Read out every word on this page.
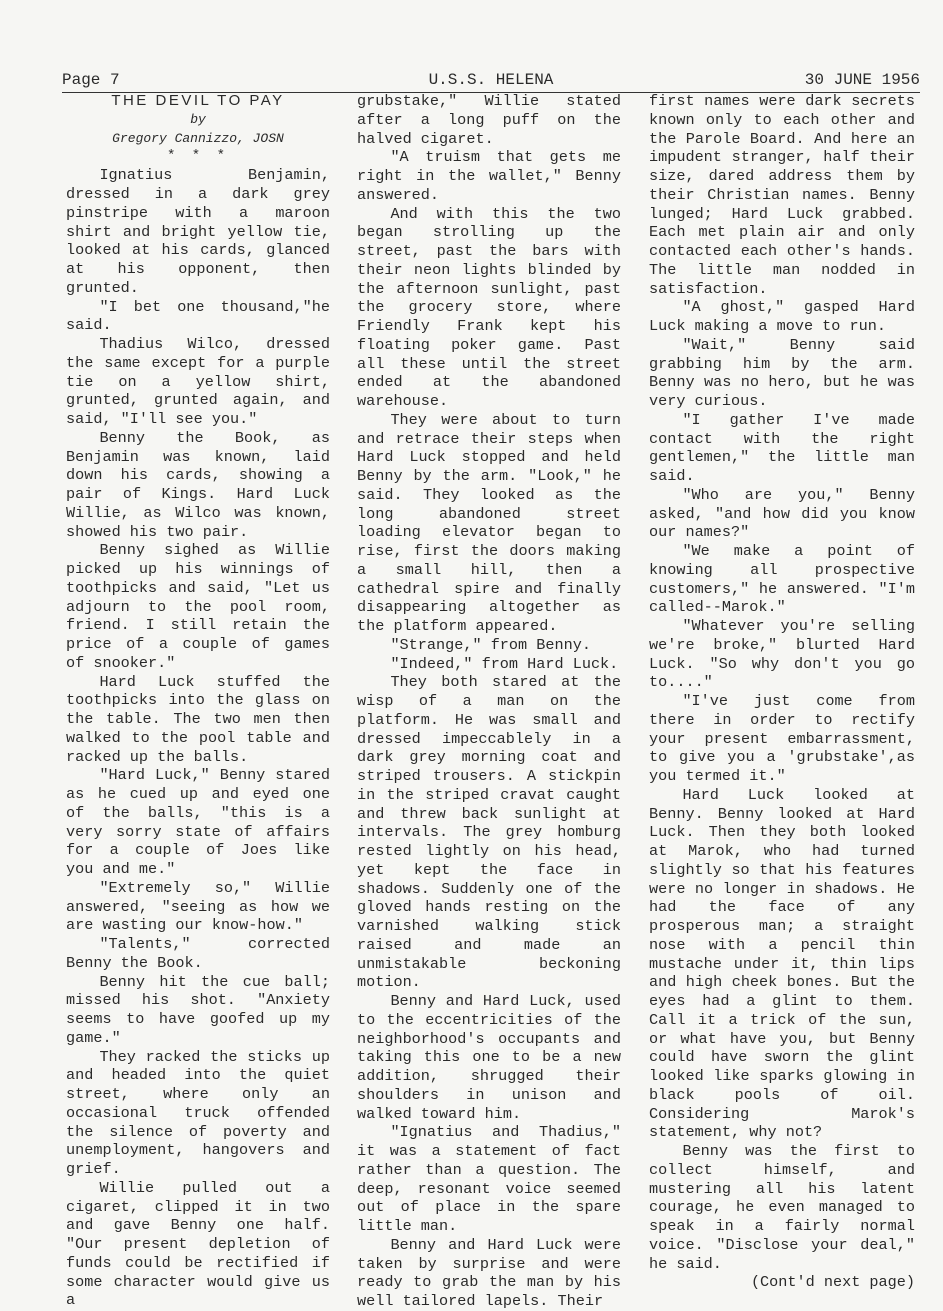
Page 7	U.S.S. HELENA	30 JUNE 1956
THE DEVIL TO PAY
by
Gregory Cannizzo, JOSN
* * *

Ignatius Benjamin, dressed in a dark grey pinstripe with a maroon shirt and bright yellow tie, looked at his cards, glanced at his opponent, then grunted.

"I bet one thousand,"he said.

Thadius Wilco, dressed the same except for a purple tie on a yellow shirt, grunted, grunted again, and said, "I'll see you."

Benny the Book, as Benjamin was known, laid down his cards, showing a pair of Kings. Hard Luck Willie, as Wilco was known, showed his two pair.

Benny sighed as Willie picked up his winnings of toothpicks and said, "Let us adjourn to the pool room, friend. I still retain the price of a couple of games of snooker."

Hard Luck stuffed the toothpicks into the glass on the table. The two men then walked to the pool table and racked up the balls.

"Hard Luck," Benny stared as he cued up and eyed one of the balls, "this is a very sorry state of affairs for a couple of Joes like you and me."

"Extremely so," Willie answered, "seeing as how we are wasting our know-how."

"Talents," corrected Benny the Book.

Benny hit the cue ball; missed his shot. "Anxiety seems to have goofed up my game."

They racked the sticks up and headed into the quiet street, where only an occasional truck offended the silence of poverty and unemployment, hangovers and grief.

Willie pulled out a cigaret, clipped it in two and gave Benny one half. "Our present depletion of funds could be rectified if some character would give us a

grubstake," Willie stated after a long puff on the halved cigaret.

"A truism that gets me right in the wallet," Benny answered.

And with this the two began strolling up the street, past the bars with their neon lights blinded by the afternoon sunlight, past the grocery store, where Friendly Frank kept his floating poker game. Past all these until the street ended at the abandoned warehouse.

They were about to turn and retrace their steps when Hard Luck stopped and held Benny by the arm. "Look," he said. They looked as the long abandoned street loading elevator began to rise, first the doors making a small hill, then a cathedral spire and finally disappearing altogether as the platform appeared.

"Strange," from Benny.

"Indeed," from Hard Luck.

They both stared at the wisp of a man on the platform. He was small and dressed impeccablely in a dark grey morning coat and striped trousers. A stickpin in the striped cravat caught and threw back sunlight at intervals. The grey homburg rested lightly on his head, yet kept the face in shadows. Suddenly one of the gloved hands resting on the varnished walking stick raised and made an unmistakable beckoning motion.

Benny and Hard Luck, used to the eccentricities of the neighborhood's occupants and taking this one to be a new addition, shrugged their shoulders in unison and walked toward him.

"Ignatius and Thadius," it was a statement of fact rather than a question. The deep, resonant voice seemed out of place in the spare little man.

Benny and Hard Luck were taken by surprise and were ready to grab the man by his well tailored lapels. Their

first names were dark secrets known only to each other and the Parole Board. And here an impudent stranger, half their size, dared address them by their Christian names. Benny lunged; Hard Luck grabbed. Each met plain air and only contacted each other's hands. The little man nodded in satisfaction.

"A ghost," gasped Hard Luck making a move to run.

"Wait," Benny said grabbing him by the arm. Benny was no hero, but he was very curious.

"I gather I've made contact with the right gentlemen," the little man said.

"Who are you," Benny asked, "and how did you know our names?"

"We make a point of knowing all prospective customers," he answered. "I'm called--Marok."

"Whatever you're selling we're broke," blurted Hard Luck. "So why don't you go to...."

"I've just come from there in order to rectify your present embarrassment, to give you a 'grubstake',as you termed it."

Hard Luck looked at Benny. Benny looked at Hard Luck. Then they both looked at Marok, who had turned slightly so that his features were no longer in shadows. He had the face of any prosperous man; a straight nose with a pencil thin mustache under it, thin lips and high cheek bones. But the eyes had a glint to them. Call it a trick of the sun, or what have you, but Benny could have sworn the glint looked like sparks glowing in black pools of oil. Considering Marok's statement, why not?

Benny was the first to collect himself, and mustering all his latent courage, he even managed to speak in a fairly normal voice. "Disclose your deal," he said.

(Cont'd next page)
